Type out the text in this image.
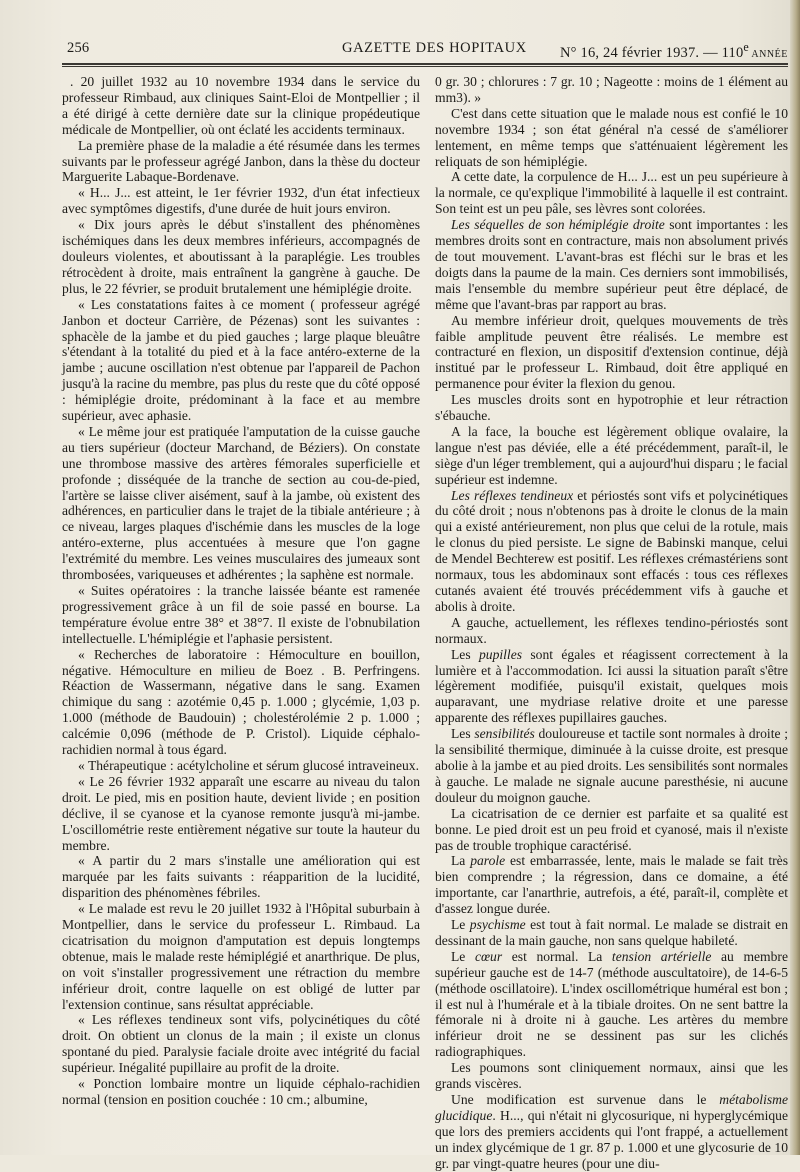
256	GAZETTE DES HOPITAUX N° 16, 24 février 1937. — 110e ANNÉE

. 20 juillet 1932 au 10 novembre 1934 dans le service du professeur Rimbaud, aux cliniques Saint-Eloi de Montpellier ; il a été dirigé à cette dernière date sur la clinique propédeutique médicale de Montpellier, où ont éclaté les accidents terminaux.

La première phase de la maladie a été résumée dans les termes suivants par le professeur agrégé Janbon, dans la thèse du docteur Marguerite Labaque-Bordenave.

« H... J... est atteint, le 1er février 1932, d'un état infectieux avec symptômes digestifs, d'une durée de huit jours environ.

« Dix jours après le début s'installent des phénomènes ischémiques dans les deux membres inférieurs, accompagnés de douleurs violentes, et aboutissant à la paraplégie. Les troubles rétrocèdent à droite, mais entraînent la gangrène à gauche. De plus, le 22 février, se produit brutalement une hémiplégie droite.

« Les constatations faites à ce moment ( professeur agrégé Janbon et docteur Carrière, de Pézenas) sont les suivantes : sphacèle de la jambe et du pied gauches ; large plaque bleuâtre s'étendant à la totalité du pied et à la face antéro-externe de la jambe ; aucune oscillation n'est obtenue par l'appareil de Pachon jusqu'à la racine du membre, pas plus du reste que du côté opposé : hémiplégie droite, prédominant à la face et au membre supérieur, avec aphasie.

« Le même jour est pratiquée l'amputation de la cuisse gauche au tiers supérieur (docteur Marchand, de Béziers). On constate une thrombose massive des artères fémorales superficielle et profonde ; disséquée de la tranche de section au cou-de-pied, l'artère se laisse cliver aisément, sauf à la jambe, où existent des adhérences, en particulier dans le trajet de la tibiale antérieure ; à ce niveau, larges plaques d'ischémie dans les muscles de la loge antéro-externe, plus accentuées à mesure que l'on gagne l'extrémité du membre. Les veines musculaires des jumeaux sont thrombosées, variqueuses et adhérentes ; la saphène est normale.

« Suites opératoires : la tranche laissée béante est ramenée progressivement grâce à un fil de soie passé en bourse. La température évolue entre 38° et 38°7. Il existe de l'obnubilation intellectuelle. L'hémiplégie et l'aphasie persistent.

« Recherches de laboratoire : Hémoculture en bouillon, négative. Hémoculture en milieu de Boez . B. Perfringens. Réaction de Wassermann, négative dans le sang. Examen chimique du sang : azotémie 0,45 p. 1.000 ; glycémie, 1,03 p. 1.000 (méthode de Baudouin) ; cholestérolémie 2 p. 1.000 ; calcémie 0,096 (méthode de P. Cristol). Liquide céphalo-rachidien normal à tous égard.

« Thérapeutique : acétylcholine et sérum glucosé intraveineux.

« Le 26 février 1932 apparaît une escarre au niveau du talon droit. Le pied, mis en position haute, devient livide ; en position déclive, il se cyanose et la cyanose remonte jusqu'à mi-jambe. L'oscillométrie reste entièrement négative sur toute la hauteur du membre.

« A partir du 2 mars s'installe une amélioration qui est marquée par les faits suivants : réapparition de la lucidité, disparition des phénomènes fébriles.

« Le malade est revu le 20 juillet 1932 à l'Hôpital suburbain à Montpellier, dans le service du professeur L. Rimbaud. La cicatrisation du moignon d'amputation est depuis longtemps obtenue, mais le malade reste hémiplégié et anarthrique. De plus, on voit s'installer progressivement une rétraction du membre inférieur droit, contre laquelle on est obligé de lutter par l'extension continue, sans résultat appréciable.

« Les réflexes tendineux sont vifs, polycinétiques du côté droit. On obtient un clonus de la main ; il existe un clonus spontané du pied. Paralysie faciale droite avec intégrité du facial supérieur. Inégalité pupillaire au profit de la droite.

« Ponction lombaire montre un liquide céphalo-rachidien normal (tension en position couchée : 10 cm.; albumine,

0 gr. 30 ; chlorures : 7 gr. 10 ; Nageotte : moins de 1 élément au mm3). »

C'est dans cette situation que le malade nous est confié le 10 novembre 1934 ; son état général n'a cessé de s'améliorer lentement, en même temps que s'atténuaient légèrement les reliquats de son hémiplégie.

A cette date, la corpulence de H... J... est un peu supérieure à la normale, ce qu'explique l'immobilité à laquelle il est contraint. Son teint est un peu pâle, ses lèvres sont colorées.

Les séquelles de son hémiplégie droite sont importantes : les membres droits sont en contracture, mais non absolument privés de tout mouvement. L'avant-bras est fléchi sur le bras et les doigts dans la paume de la main. Ces derniers sont immobilisés, mais l'ensemble du membre supérieur peut être déplacé, de même que l'avant-bras par rapport au bras.

Au membre inférieur droit, quelques mouvements de très faible amplitude peuvent être réalisés. Le membre est contracturé en flexion, un dispositif d'extension continue, déjà institué par le professeur L. Rimbaud, doit être appliqué en permanence pour éviter la flexion du genou.

Les muscles droits sont en hypotrophie et leur rétraction s'ébauche.

A la face, la bouche est légèrement oblique ovalaire, la langue n'est pas déviée, elle a été précédemment, paraît-il, le siège d'un léger tremblement, qui a aujourd'hui disparu ; le facial supérieur est indemne.

Les réflexes tendineux et périostés sont vifs et polycinétiques du côté droit ; nous n'obtenons pas à droite le clonus de la main qui a existé antérieurement, non plus que celui de la rotule, mais le clonus du pied persiste. Le signe de Babinski manque, celui de Mendel Bechterew est positif. Les réflexes crémastériens sont normaux, tous les abdominaux sont effacés : tous ces réflexes cutanés avaient été trouvés précédemment vifs à gauche et abolis à droite.

A gauche, actuellement, les réflexes tendino-périostés sont normaux.

Les pupilles sont égales et réagissent correctement à la lumière et à l'accommodation. Ici aussi la situation paraît s'être légèrement modifiée, puisqu'il existait, quelques mois auparavant, une mydriase relative droite et une paresse apparente des réflexes pupillaires gauches.

Les sensibilités douloureuse et tactile sont normales à droite ; la sensibilité thermique, diminuée à la cuisse droite, est presque abolie à la jambe et au pied droits. Les sensibilités sont normales à gauche. Le malade ne signale aucune paresthésie, ni aucune douleur du moignon gauche.

La cicatrisation de ce dernier est parfaite et sa qualité est bonne. Le pied droit est un peu froid et cyanosé, mais il n'existe pas de trouble trophique caractérisé.

La parole est embarrassée, lente, mais le malade se fait très bien comprendre ; la régression, dans ce domaine, a été importante, car l'anarthrie, autrefois, a été, paraît-il, complète et d'assez longue durée.

Le psychisme est tout à fait normal. Le malade se distrait en dessinant de la main gauche, non sans quelque habileté.

Le cœur est normal. La tension artérielle au membre supérieur gauche est de 14-7 (méthode auscultatoire), de 14-6-5 (méthode oscillatoire). L'index oscillométrique huméral est bon ; il est nul à l'humérale et à la tibiale droites. On ne sent battre la fémorale ni à droite ni à gauche. Les artères du membre inférieur droit ne se dessinent pas sur les clichés radiographiques.

Les poumons sont cliniquement normaux, ainsi que les grands viscères.

Une modification est survenue dans le métabolisme glucidique. H..., qui n'était ni glycosurique, ni hyperglycémique que lors des premiers accidents qui l'ont frappé, a actuellement un index glycémique de 1 gr. 87 p. 1.000 et une glycosurie de 10 gr. par vingt-quatre heures (pour une diu-
